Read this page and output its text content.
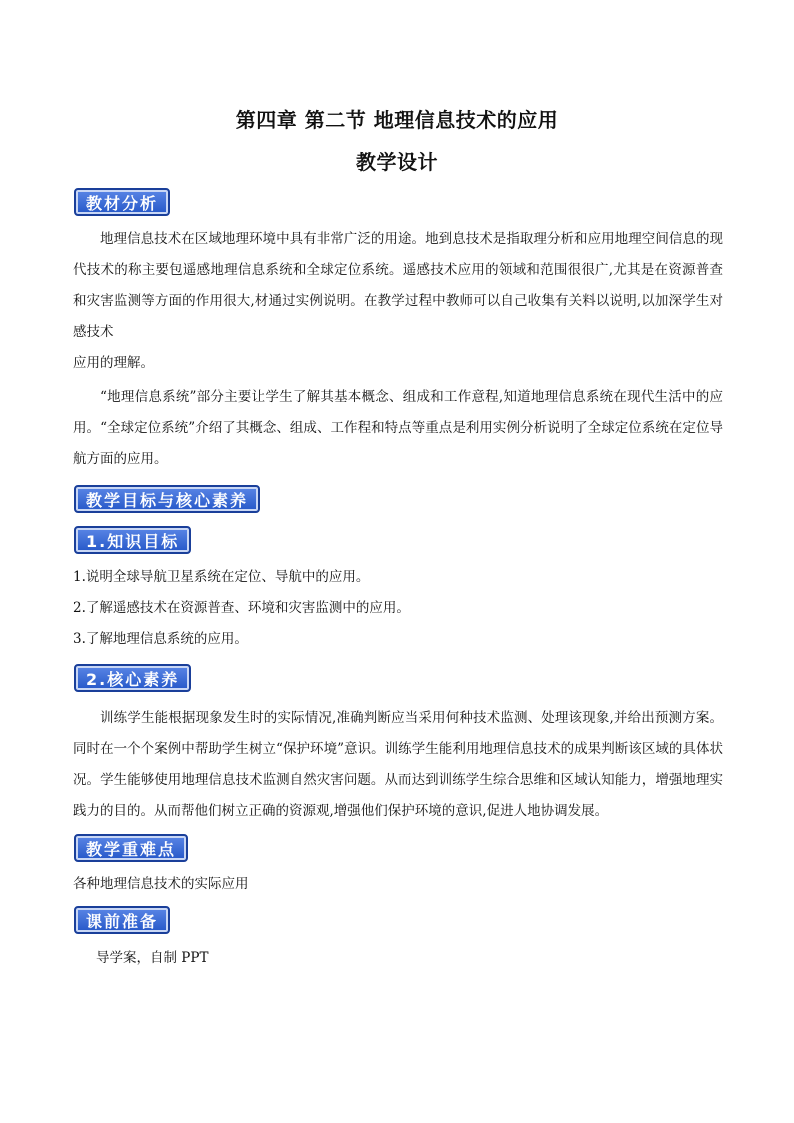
第四章 第二节 地理信息技术的应用
教学设计
教材分析

地理信息技术在区域地理环境中具有非常广泛的用途。地到息技术是指取理分析和应用地理空间信息的现代技术的称主要包遥感地理信息系统和全球定位系统。遥感技术应用的领域和范围很很广,尤其是在资源普查和灾害监测等方面的作用很大,材通过实例说明。在教学过程中教师可以自己收集有关料以说明,以加深学生对感技术

应用的理解。

“地理信息系统”部分主要让学生了解其基本概念、组成和工作意程,知道地理信息系统在现代生活中的应用。“全球定位系统”介绍了其概念、组成、工作程和特点等重点是利用实例分析说明了全球定位系统在定位导航方面的应用。

教学目标与核心素养
1.知识目标
1.说明全球导航卫星系统在定位、导航中的应用。
2.了解遥感技术在资源普查、环境和灾害监测中的应用。
3.了解地理信息系统的应用。
2.核心素养

训练学生能根据现象发生时的实际情况,准确判断应当采用何种技术监测、处理该现象,并给出预测方案。同时在一个个案例中帮助学生树立“保护环境”意识。训练学生能利用地理信息技术的成果判断该区域的具体状况。学生能够使用地理信息技术监测自然灾害问题。从而达到训练学生综合思维和区域认知能力，增强地理实践力的目的。从而帮他们树立正确的资源观,增强他们保护环境的意识,促进人地协调发展。

教学重难点
各种地理信息技术的实际应用
课前准备
导学案，自制 PPT
